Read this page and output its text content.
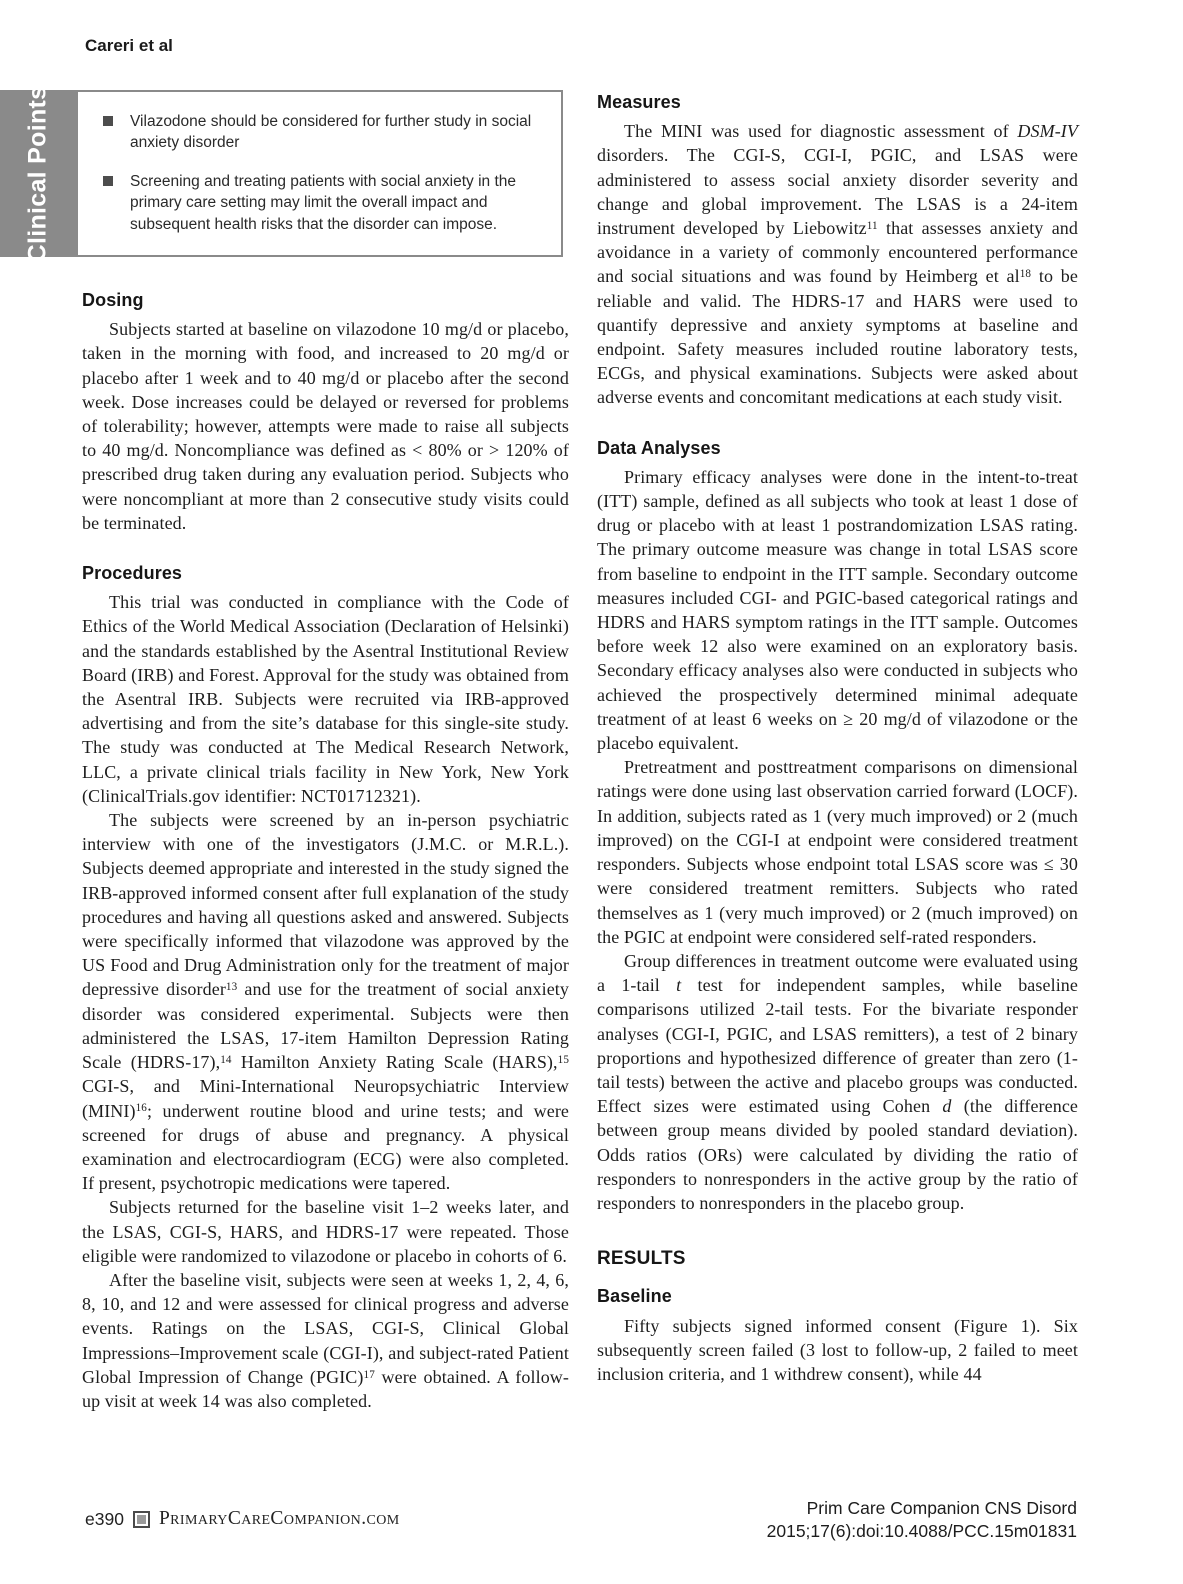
Careri et al
Clinical Points	Vilazodone should be considered for further study in social anxiety disorder
Screening and treating patients with social anxiety in the primary care setting may limit the overall impact and subsequent health risks that the disorder can impose.
Dosing

Subjects started at baseline on vilazodone 10 mg/d or placebo, taken in the morning with food, and increased to 20 mg/d or placebo after 1 week and to 40 mg/d or placebo after the second week. Dose increases could be delayed or reversed for problems of tolerability; however, attempts were made to raise all subjects to 40 mg/d. Noncompliance was defined as < 80% or > 120% of prescribed drug taken during any evaluation period. Subjects who were noncompliant at more than 2 consecutive study visits could be terminated.

Procedures

This trial was conducted in compliance with the Code of Ethics of the World Medical Association (Declaration of Helsinki) and the standards established by the Asentral Institutional Review Board (IRB) and Forest. Approval for the study was obtained from the Asentral IRB. Subjects were recruited via IRB-approved advertising and from the site’s database for this single-site study. The study was conducted at The Medical Research Network, LLC, a private clinical trials facility in New York, New York (ClinicalTrials.gov identifier: NCT01712321).

The subjects were screened by an in-person psychiatric interview with one of the investigators (J.M.C. or M.R.L.). Subjects deemed appropriate and interested in the study signed the IRB-approved informed consent after full explanation of the study procedures and having all questions asked and answered. Subjects were specifically informed that vilazodone was approved by the US Food and Drug Administration only for the treatment of major depressive disorder$^{13}$ and use for the treatment of social anxiety disorder was considered experimental. Subjects were then administered the LSAS, 17-item Hamilton Depression Rating Scale (HDRS-17),$^{14}$ Hamilton Anxiety Rating Scale (HARS),$^{15}$ CGI-S, and Mini-International Neuropsychiatric Interview (MINI)$^{16}$; underwent routine blood and urine tests; and were screened for drugs of abuse and pregnancy. A physical examination and electrocardiogram (ECG) were also completed. If present, psychotropic medications were tapered.

Subjects returned for the baseline visit 1–2 weeks later, and the LSAS, CGI-S, HARS, and HDRS-17 were repeated. Those eligible were randomized to vilazodone or placebo in cohorts of 6.

After the baseline visit, subjects were seen at weeks 1, 2, 4, 6, 8, 10, and 12 and were assessed for clinical progress and adverse events. Ratings on the LSAS, CGI-S, Clinical Global Impressions–Improvement scale (CGI-I), and subject-rated Patient Global Impression of Change (PGIC)$^{17}$ were obtained. A follow-up visit at week 14 was also completed.

Measures

The MINI was used for diagnostic assessment of DSM-IV disorders. The CGI-S, CGI-I, PGIC, and LSAS were administered to assess social anxiety disorder severity and change and global improvement. The LSAS is a 24-item instrument developed by Liebowitz$^{11}$ that assesses anxiety and avoidance in a variety of commonly encountered performance and social situations and was found by Heimberg et $al^{18}$ to be reliable and valid. The HDRS-17 and HARS were used to quantify depressive and anxiety symptoms at baseline and endpoint. Safety measures included routine laboratory tests, ECGs, and physical examinations. Subjects were asked about adverse events and concomitant medications at each study visit.

Data Analyses

Primary efficacy analyses were done in the intent-to-treat (ITT) sample, defined as all subjects who took at least 1 dose of drug or placebo with at least 1 postrandomization LSAS rating. The primary outcome measure was change in total LSAS score from baseline to endpoint in the ITT sample. Secondary outcome measures included CGI- and PGIC-based categorical ratings and HDRS and HARS symptom ratings in the ITT sample. Outcomes before week 12 also were examined on an exploratory basis. Secondary efficacy analyses also were conducted in subjects who achieved the prospectively determined minimal adequate treatment of at least 6 weeks on ≥ 20 mg/d of vilazodone or the placebo equivalent.

Pretreatment and posttreatment comparisons on dimensional ratings were done using last observation carried forward (LOCF). In addition, subjects rated as 1 (very much improved) or 2 (much improved) on the CGI-I at endpoint were considered treatment responders. Subjects whose endpoint total LSAS score was ≤ 30 were considered treatment remitters. Subjects who rated themselves as 1 (very much improved) or 2 (much improved) on the PGIC at endpoint were considered self-rated responders.

Group differences in treatment outcome were evaluated using a 1-tail t test for independent samples, while baseline comparisons utilized 2-tail tests. For the bivariate responder analyses (CGI-I, PGIC, and LSAS remitters), a test of 2 binary proportions and hypothesized difference of greater than zero (1-tail tests) between the active and placebo groups was conducted. Effect sizes were estimated using Cohen d (the difference between group means divided by pooled standard deviation). Odds ratios (ORs) were calculated by dividing the ratio of responders to nonresponders in the active group by the ratio of responders to nonresponders in the placebo group.

RESULTS
Baseline

Fifty subjects signed informed consent (Figure 1). Six subsequently screen failed (3 lost to follow-up, 2 failed to meet inclusion criteria, and 1 withdrew consent), while 44

e390 PrimaryCareCompanion.com	Prim Care Companion CNS Disord
2015;17(6):doi:10.4088/PCC.15m01831
